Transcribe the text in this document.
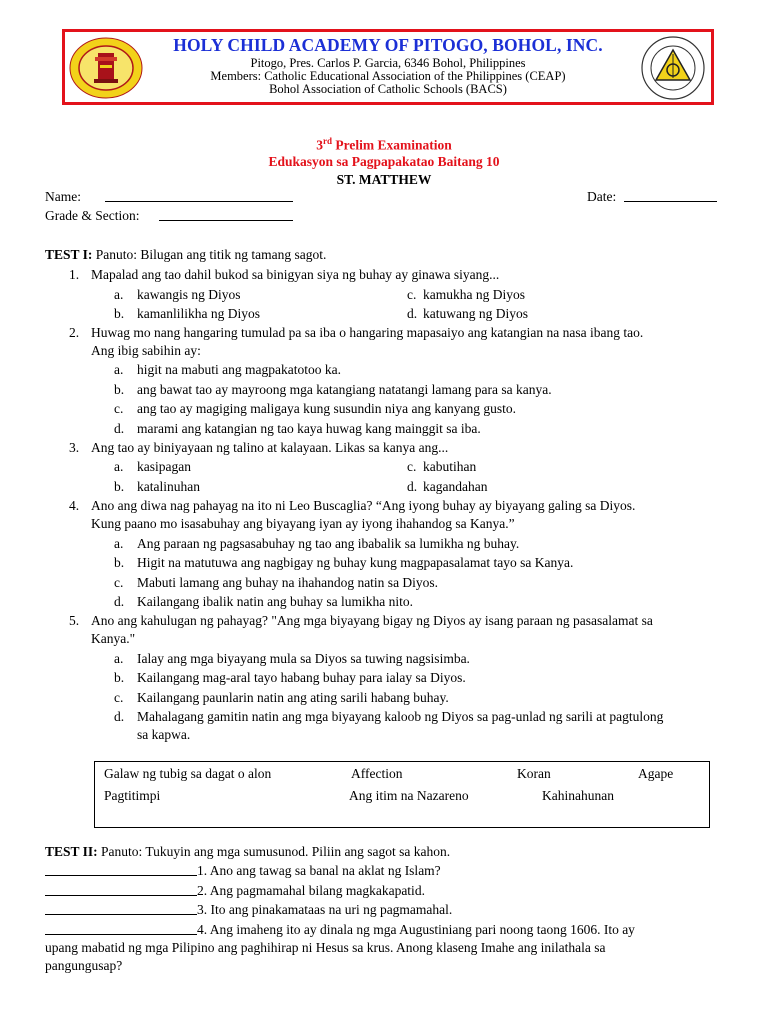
HOLY CHILD ACADEMY OF PITOGO, BOHOL, INC.
Pitogo, Pres. Carlos P. Garcia, 6346 Bohol, Philippines
Members: Catholic Educational Association of the Philippines (CEAP)
Bohol Association of Catholic Schools (BACS)
3rd Prelim Examination
Edukasyon sa Pagpapakatao Baitang 10
ST. MATTHEW
Name:	Date:
Grade & Section:
TEST I: Panuto: Bilugan ang titik ng tamang sagot.
1. Mapalad ang tao dahil bukod sa binigyan siya ng buhay ay ginawa siyang...
a. kawangis ng Diyos	c. kamukha ng Diyos
b. kamanlilikha ng Diyos	d. katuwang ng Diyos
2. Huwag mo nang hangaring tumulad pa sa iba o hangaring mapasaiyo ang katangian na nasa ibang tao.
Ang ibig sabihin ay:
a. higit na mabuti ang magpakatotoo ka.
b. ang bawat tao ay mayroong mga katangiang natatangi lamang para sa kanya.
c. ang tao ay magiging maligaya kung susundin niya ang kanyang gusto.
d. marami ang katangian ng tao kaya huwag kang mainggit sa iba.
3. Ang tao ay biniyayaan ng talino at kalayaan. Likas sa kanya ang...
a. kasipagan	c. kabutihan
b. katalinuhan	d. kagandahan
4. Ano ang diwa nag pahayag na ito ni Leo Buscaglia? “Ang iyong buhay ay biyayang galing sa Diyos.
Kung paano mo isasabuhay ang biyayang iyan ay iyong ihahandog sa Kanya.”
a. Ang paraan ng pagsasabuhay ng tao ang ibabalik sa lumikha ng buhay.
b. Higit na matutuwa ang nagbigay ng buhay kung magpapasalamat tayo sa Kanya.
c. Mabuti lamang ang buhay na ihahandog natin sa Diyos.
d. Kailangang ibalik natin ang buhay sa lumikha nito.
5. Ano ang kahulugan ng pahayag? "Ang mga biyayang bigay ng Diyos ay isang paraan ng pasasalamat sa
Kanya."
a. Ialay ang mga biyayang mula sa Diyos sa tuwing nagsisimba.
b. Kailangang mag-aral tayo habang buhay para ialay sa Diyos.
c. Kailangang paunlarin natin ang ating sarili habang buhay.
d. Mahalagang gamitin natin ang mga biyayang kaloob ng Diyos sa pag-unlad ng sarili at pagtulong
sa kapwa.
Galaw ng tubig sa dagat o alon	Affection	Koran	Agape
Pagtitimpi	Ang itim na Nazareno	Kahinahunan
TEST II: Panuto: Tukuyin ang mga sumusunod. Piliin ang sagot sa kahon.
1. Ano ang tawag sa banal na aklat ng Islam?
2. Ang pagmamahal bilang magkakapatid.
3. Ito ang pinakamataas na uri ng pagmamahal.
4. Ang imaheng ito ay dinala ng mga Augustiniang pari noong taong 1606. Ito ay
upang mabatid ng mga Pilipino ang paghihirap ni Hesus sa krus. Anong klaseng Imahe ang inilathala sa
pangungusap?
